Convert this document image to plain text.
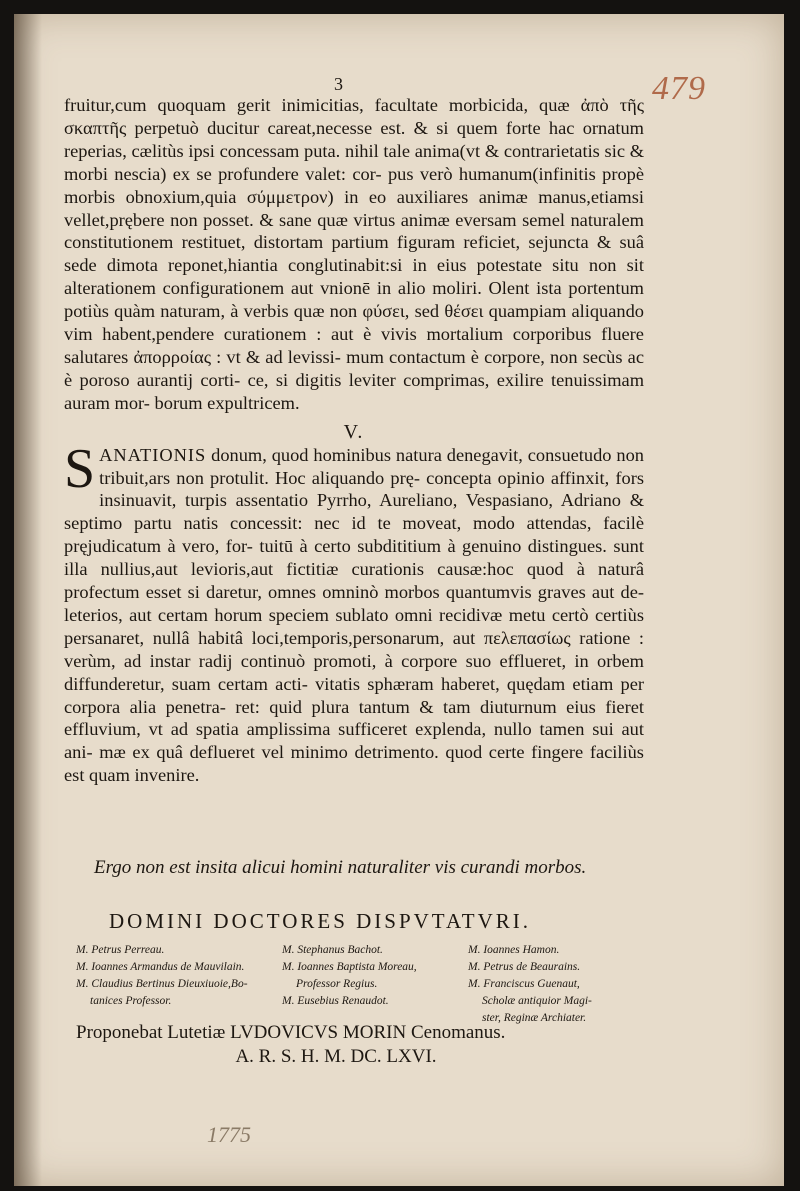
3	479

fruitur,cum quoquam gerit inimicitias, facultate morbicida, quæ ἀπὸ τῆς σκαπτῆς perpetuò ducitur careat,necesse est. & si quem forte hac ornatum reperias, cælitùs ipsi concessam puta. nihil tale anima(vt & contrarietatis sic & morbi nescia) ex se profundere valet: cor- pus verò humanum(infinitis propè morbis obnoxium,quia σύμμετρον) in eo auxiliares animæ manus,etiamsi vellet,prębere non posset. & sane quæ virtus animæ eversam semel naturalem constitutionem restituet, distortam partium figuram reficiet, sejuncta & suâ sede dimota reponet,hiantia conglutinabit:si in eius potestate situ non sit alterationem configurationem aut vnionē in alio moliri. Olent ista portentum potiùs quàm naturam, à verbis quæ non φύσει, sed θέσει quampiam aliquando vim habent,pendere curationem : aut è vivis mortalium corporibus fluere salutares ἀπορροίας : vt & ad levissi- mum contactum è corpore, non secùs ac è poroso aurantij corti- ce, si digitis leviter comprimas, exilire tenuissimam auram mor- borum expultricem.

V.

S ANATIONIS donum, quod hominibus natura denegavit, consuetudo non tribuit,ars non protulit. Hoc aliquando prę- concepta opinio affinxit, fors insinuavit, turpis assentatio Pyrrho, Aureliano, Vespasiano, Adriano & septimo partu natis concessit: nec id te moveat, modo attendas, facilè pręjudicatum à vero, for- tuitū à certo subdititium à genuino distingues. sunt illa nullius,aut levioris,aut fictitiæ curationis causæ:hoc quod à naturâ profectum esset si daretur, omnes omninò morbos quantumvis graves aut de- leterios, aut certam horum speciem sublato omni recidivæ metu certò certiùs persanaret, nullâ habitâ loci,temporis,personarum, aut πελεπασίως ratione : verùm, ad instar radij continuò promoti, à corpore suo efflueret, in orbem diffunderetur, suam certam acti- vitatis sphæram haberet, quędam etiam per corpora alia penetra- ret: quid plura tantum & tam diuturnum eius fieret effluvium, vt ad spatia amplissima sufficeret explenda, nullo tamen sui aut ani- mæ ex quâ deflueret vel minimo detrimento. quod certe fingere faciliùs est quam invenire.

Ergo non est insita alicui homini naturaliter vis curandi morbos.
DOMINI DOCTORES DISPVTATVRI.
M. Petrus Perreau.
M. Ioannes Armandus de Mauvilain.
M. Claudius Bertinus Dieuxiuoie,Bo-
tanices Professor.
M. Stephanus Bachot.
M. Ioannes Baptista Moreau,
Professor Regius.
M. Eusebius Renaudot.
M. Ioannes Hamon.
M. Petrus de Beaurains.
M. Franciscus Guenaut,
Scholæ antiquior Magi-
ster, Reginæ Archiater.
Proponebat Lutetiæ LVDOVICVS MORIN Cenomanus.
A. R. S. H. M. DC. LXVI.
1775
